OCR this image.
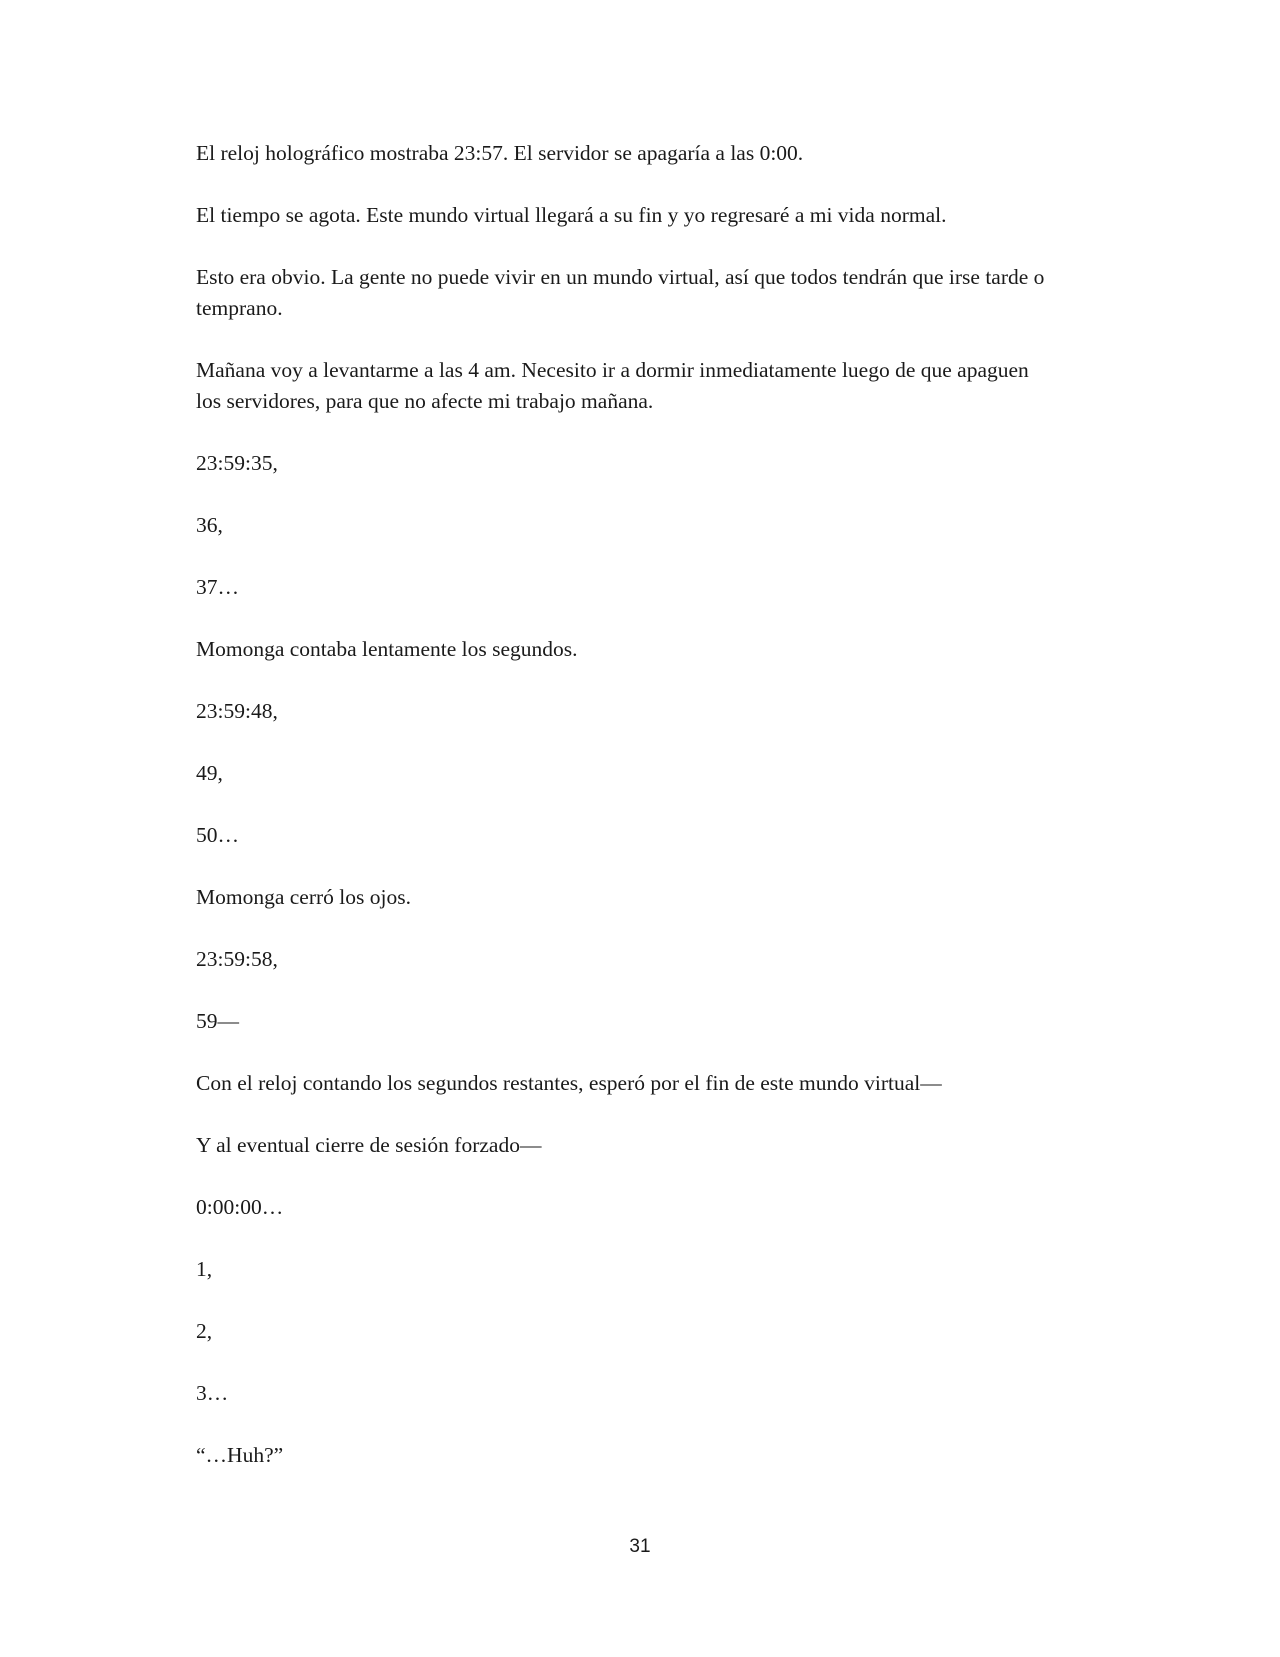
El reloj holográfico mostraba 23:57. El servidor se apagaría a las 0:00.

El tiempo se agota. Este mundo virtual llegará a su fin y yo regresaré a mi vida normal.

Esto era obvio. La gente no puede vivir en un mundo virtual, así que todos tendrán que irse tarde o temprano.

Mañana voy a levantarme a las 4 am. Necesito ir a dormir inmediatamente luego de que apaguen los servidores, para que no afecte mi trabajo mañana.

23:59:35,

36,

37…

Momonga contaba lentamente los segundos.

23:59:48,

49,

50…

Momonga cerró los ojos.

23:59:58,

59—

Con el reloj contando los segundos restantes, esperó por el fin de este mundo virtual—

Y al eventual cierre de sesión forzado—

0:00:00…

1,

2,

3…

“…Huh?”

31
